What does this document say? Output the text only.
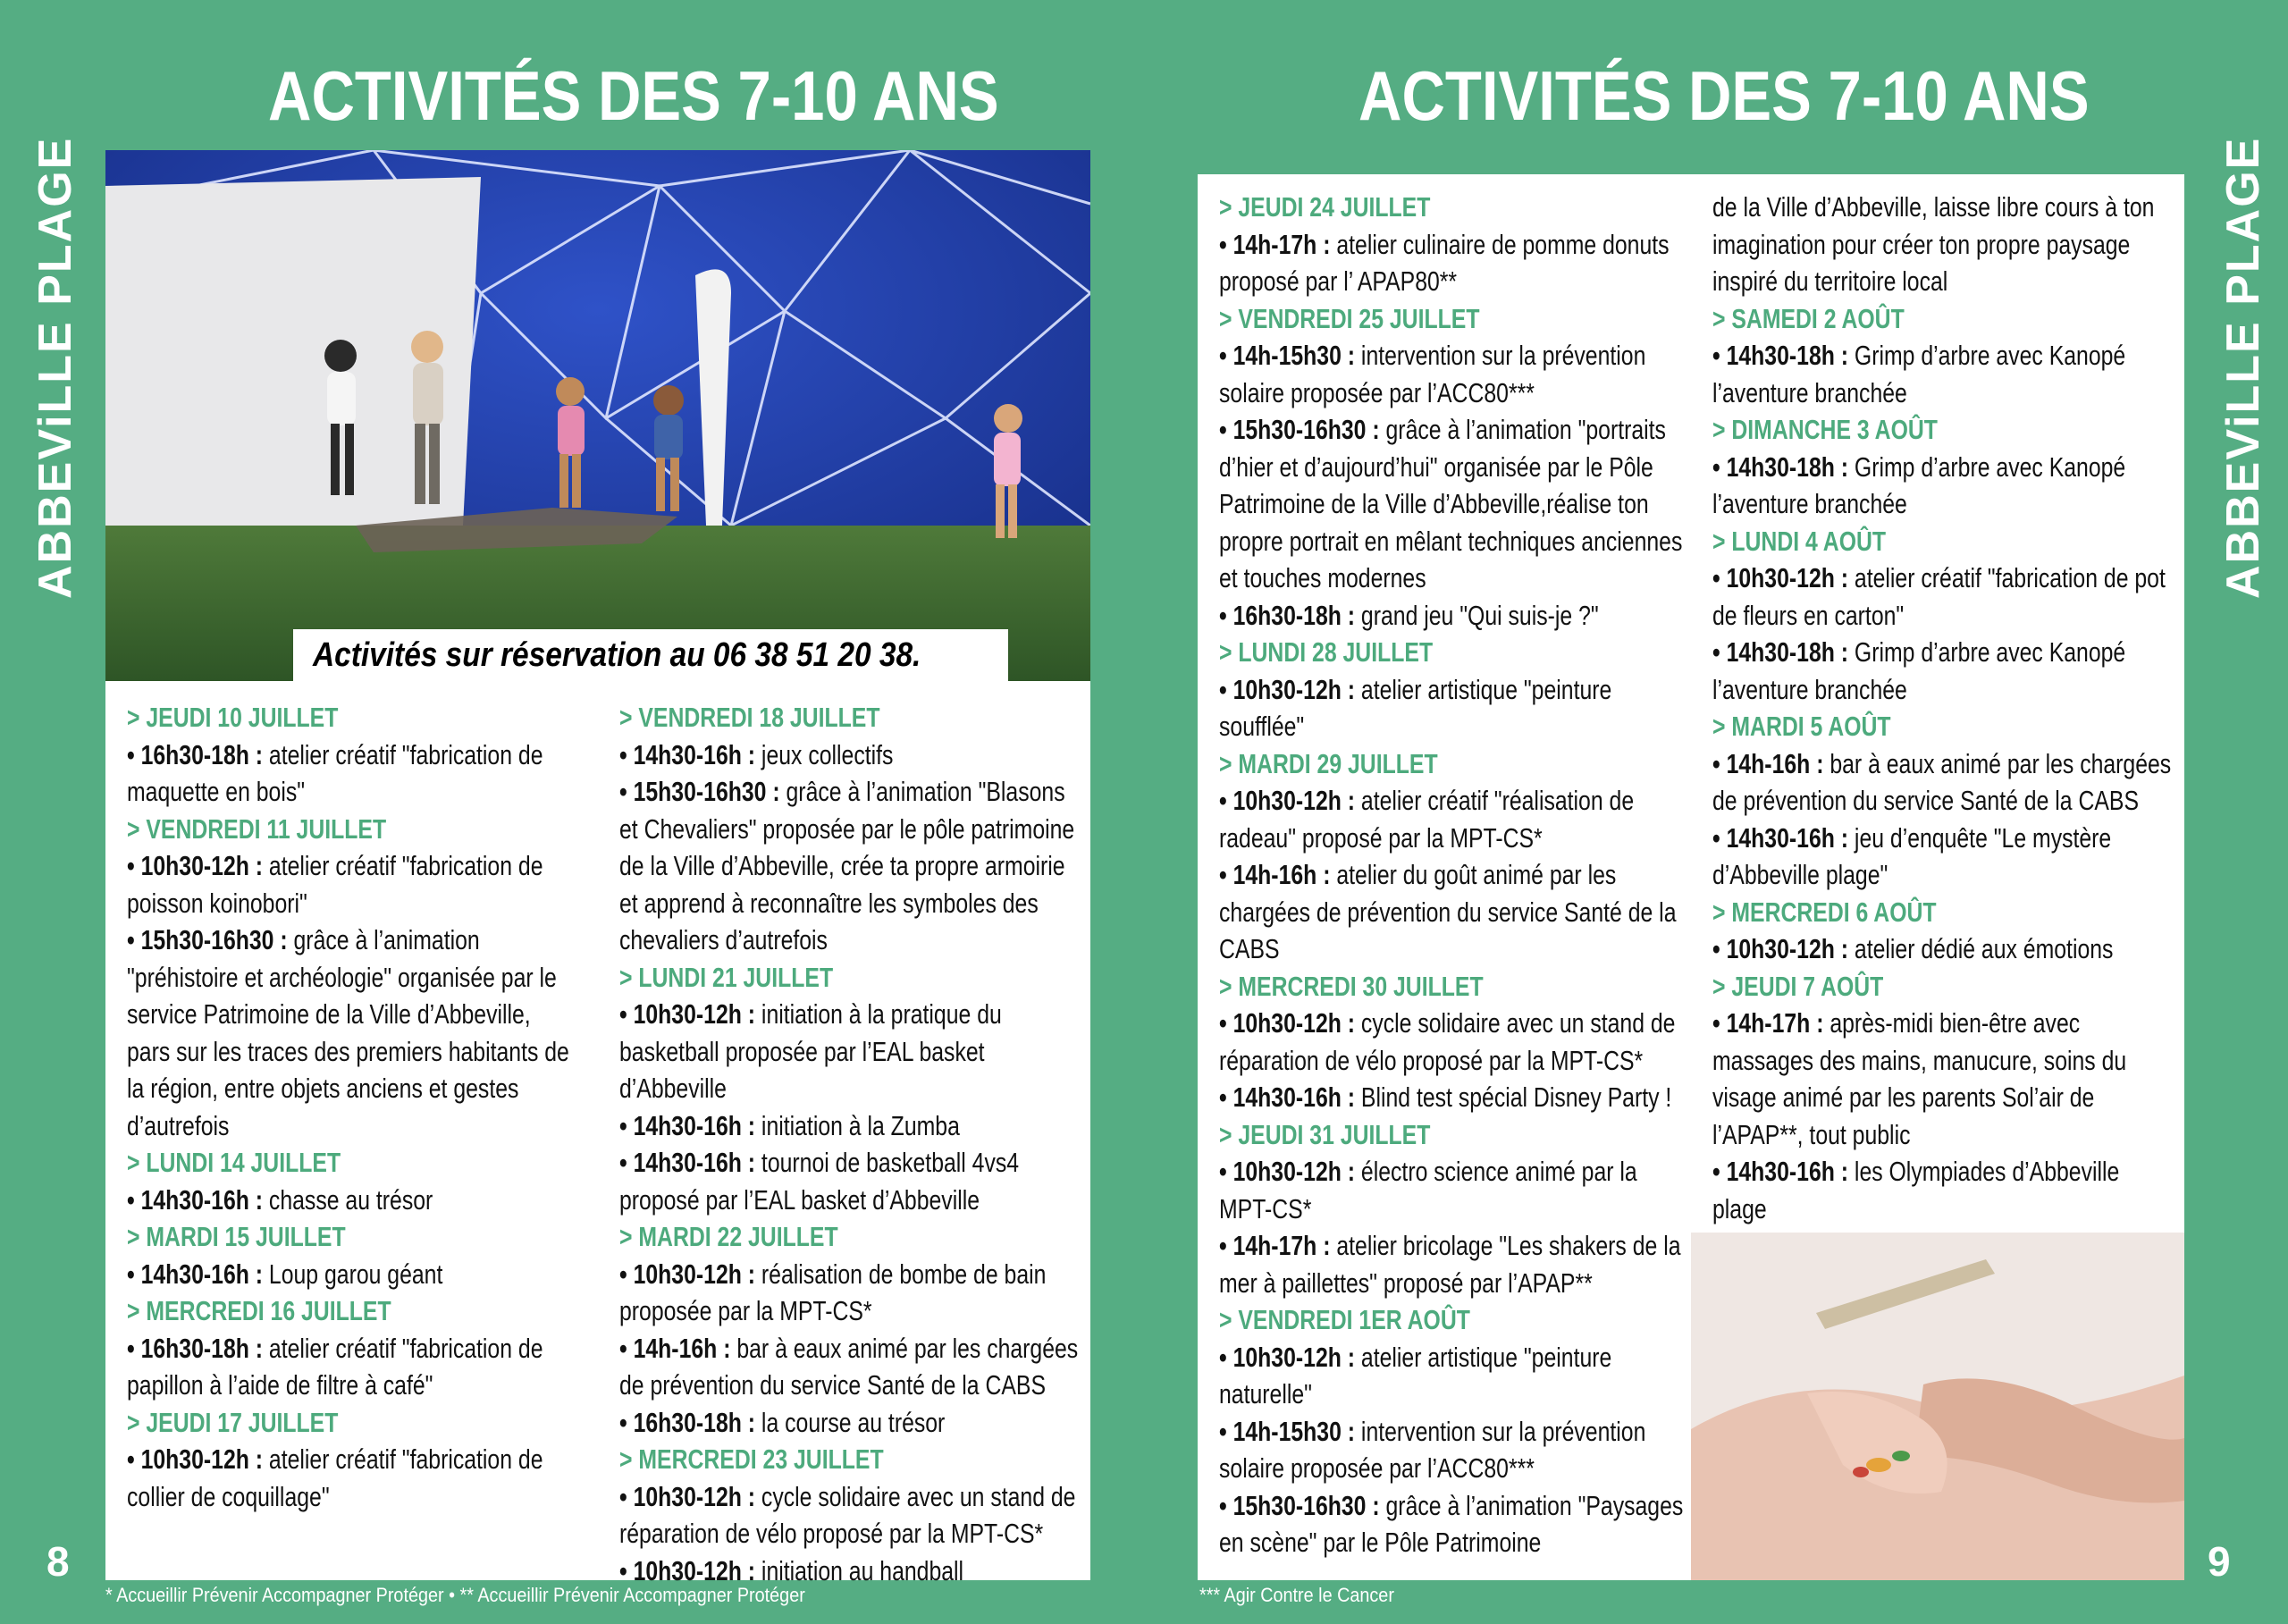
ACTIVITÉS DES 7-10 ANS
ABBEViLLE PLAGE
Activités sur réservation au 06 38 51 20 38.

> JEUDI 10 JUILLET

• 16h30-18h : atelier créatif "fabrication de maquette en bois"

> VENDREDI 11 JUILLET

• 10h30-12h : atelier créatif "fabrication de poisson koinobori"

• 15h30-16h30 : grâce à l’animation "préhistoire et archéologie" organisée par le service Patrimoine de la Ville d’Abbeville, pars sur les traces des premiers habitants de la région, entre objets anciens et gestes d’autrefois

> LUNDI 14 JUILLET

• 14h30-16h : chasse au trésor

> MARDI 15 JUILLET

• 14h30-16h : Loup garou géant

> MERCREDI 16 JUILLET

• 16h30-18h : atelier créatif "fabrication de papillon à l’aide de filtre à café"

> JEUDI 17 JUILLET

• 10h30-12h : atelier créatif "fabrication de collier de coquillage"

> VENDREDI 18 JUILLET

• 14h30-16h : jeux collectifs

• 15h30-16h30 : grâce à l’animation "Blasons et Chevaliers" proposée par le pôle patrimoine de la Ville d’Abbeville, crée ta propre armoirie et apprend à reconnaître les symboles des chevaliers d’autrefois

> LUNDI 21 JUILLET

• 10h30-12h : initiation à la pratique du basketball proposée par l’EAL basket d’Abbeville

• 14h30-16h : initiation à la Zumba

• 14h30-16h : tournoi de basketball 4vs4 proposé par l’EAL basket d’Abbeville

> MARDI 22 JUILLET

• 10h30-12h : réalisation de bombe de bain proposée par la MPT-CS*

• 14h-16h : bar à eaux animé par les chargées de prévention du service Santé de la CABS

• 16h30-18h : la course au trésor

> MERCREDI 23 JUILLET

• 10h30-12h : cycle solidaire avec un stand de réparation de vélo proposé par la MPT-CS*

• 10h30-12h : initiation au handball

8
* Accueillir Prévenir Accompagner Protéger • ** Accueillir Prévenir Accompagner Protéger
ACTIVITÉS DES 7-10 ANS
ABBEViLLE PLAGE

> JEUDI 24 JUILLET

• 14h-17h : atelier culinaire de pomme donuts proposé par l’ APAP80**

> VENDREDI 25 JUILLET

• 14h-15h30 : intervention sur la prévention solaire proposée par l’ACC80***

• 15h30-16h30 : grâce à l’animation "portraits d’hier et d’aujourd’hui" organisée par le Pôle Patrimoine de la Ville d’Abbeville,réalise ton propre portrait en mêlant techniques anciennes et touches modernes

• 16h30-18h : grand jeu "Qui suis-je ?"

> LUNDI 28 JUILLET

• 10h30-12h : atelier artistique "peinture soufflée"

> MARDI 29 JUILLET

• 10h30-12h : atelier créatif "réalisation de radeau" proposé par la MPT-CS*

• 14h-16h : atelier du goût animé par les chargées de prévention du service Santé de la CABS

> MERCREDI 30 JUILLET

• 10h30-12h : cycle solidaire avec un stand de réparation de vélo proposé par la MPT-CS*

• 14h30-16h : Blind test spécial Disney Party !

> JEUDI 31 JUILLET

• 10h30-12h : électro science animé par la MPT-CS*

• 14h-17h : atelier bricolage "Les shakers de la mer à paillettes" proposé par l’APAP**

> VENDREDI 1ER AOÛT

• 10h30-12h : atelier artistique "peinture naturelle"

• 14h-15h30 : intervention sur la prévention solaire proposée par l’ACC80***

• 15h30-16h30 : grâce à l’animation "Paysages en scène" par le Pôle Patrimoine

de la Ville d’Abbeville, laisse libre cours à ton imagination pour créer ton propre paysage inspiré du territoire local

> SAMEDI 2 AOÛT

• 14h30-18h : Grimp d’arbre avec Kanopé l’aventure branchée

> DIMANCHE 3 AOÛT

• 14h30-18h : Grimp d’arbre avec Kanopé l’aventure branchée

> LUNDI 4 AOÛT

• 10h30-12h : atelier créatif "fabrication de pot de fleurs en carton"

• 14h30-18h : Grimp d’arbre avec Kanopé l’aventure branchée

> MARDI 5 AOÛT

• 14h-16h : bar à eaux animé par les chargées de prévention du service Santé de la CABS

• 14h30-16h : jeu d’enquête "Le mystère d’Abbeville plage"

> MERCREDI 6 AOÛT

• 10h30-12h : atelier dédié aux émotions

> JEUDI 7 AOÛT

• 14h-17h : après-midi bien-être avec massages des mains, manucure, soins du visage animé par les parents Sol’air de l’APAP**, tout public

• 14h30-16h : les Olympiades d’Abbeville plage

9
*** Agir Contre le Cancer
